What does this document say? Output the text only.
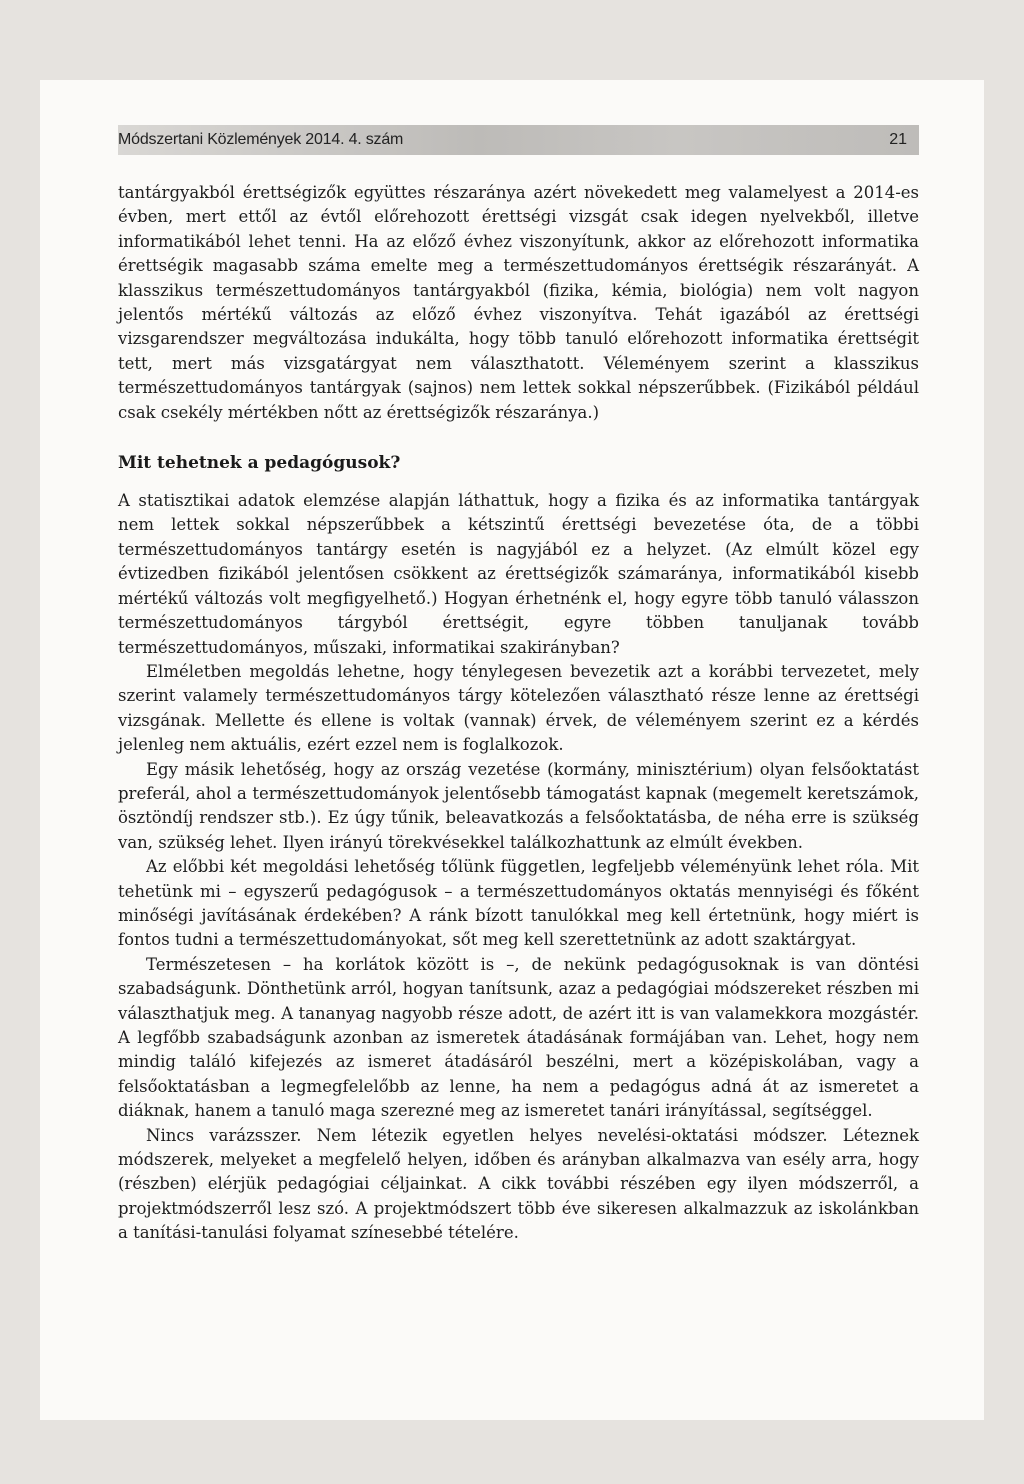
Módszertani Közlemények 2014. 4. szám	21

tantárgyakból érettségizők együttes részaránya azért növekedett meg valamelyest a 2014-es évben, mert ettől az évtől előrehozott érettségi vizsgát csak idegen nyelvekből, illetve informatikából lehet tenni. Ha az előző évhez viszonyítunk, akkor az előrehozott informatika érettségik magasabb száma emelte meg a természettudományos érettségik részarányát. A klasszikus természettudományos tantárgyakból (fizika, kémia, biológia) nem volt nagyon jelentős mértékű változás az előző évhez viszonyítva. Tehát igazából az érettségi vizsgarendszer megváltozása indukálta, hogy több tanuló előrehozott informatika érettségit tett, mert más vizsgatárgyat nem választhatott. Véleményem szerint a klasszikus természettudományos tantárgyak (sajnos) nem lettek sokkal népszerűbbek. (Fizikából például csak csekély mértékben nőtt az érettségizők részaránya.)

Mit tehetnek a pedagógusok?

A statisztikai adatok elemzése alapján láthattuk, hogy a fizika és az informatika tantárgyak nem lettek sokkal népszerűbbek a kétszintű érettségi bevezetése óta, de a többi természettudományos tantárgy esetén is nagyjából ez a helyzet. (Az elmúlt közel egy évtizedben fizikából jelentősen csökkent az érettségizők számaránya, informatikából kisebb mértékű változás volt megfigyelhető.) Hogyan érhetnénk el, hogy egyre több tanuló válasszon természettudományos tárgyból érettségit, egyre többen tanuljanak tovább természettudományos, műszaki, informatikai szakirányban?

Elméletben megoldás lehetne, hogy ténylegesen bevezetik azt a korábbi tervezetet, mely szerint valamely természettudományos tárgy kötelezően választható része lenne az érettségi vizsgának. Mellette és ellene is voltak (vannak) érvek, de véleményem szerint ez a kérdés jelenleg nem aktuális, ezért ezzel nem is foglalkozok.

Egy másik lehetőség, hogy az ország vezetése (kormány, minisztérium) olyan felsőoktatást preferál, ahol a természettudományok jelentősebb támogatást kapnak (megemelt keretszámok, ösztöndíj rendszer stb.). Ez úgy tűnik, beleavatkozás a felsőoktatásba, de néha erre is szükség van, szükség lehet. Ilyen irányú törekvésekkel találkozhattunk az elmúlt években.

Az előbbi két megoldási lehetőség tőlünk független, legfeljebb véleményünk lehet róla. Mit tehetünk mi – egyszerű pedagógusok – a természettudományos oktatás mennyiségi és főként minőségi javításának érdekében? A ránk bízott tanulókkal meg kell értetnünk, hogy miért is fontos tudni a természettudományokat, sőt meg kell szerettetnünk az adott szaktárgyat.

Természetesen – ha korlátok között is –, de nekünk pedagógusoknak is van döntési szabadságunk. Dönthetünk arról, hogyan tanítsunk, azaz a pedagógiai módszereket részben mi választhatjuk meg. A tananyag nagyobb része adott, de azért itt is van valamekkora mozgástér. A legfőbb szabadságunk azonban az ismeretek átadásának formájában van. Lehet, hogy nem mindig találó kifejezés az ismeret átadásáról beszélni, mert a középiskolában, vagy a felsőoktatásban a legmegfelelőbb az lenne, ha nem a pedagógus adná át az ismeretet a diáknak, hanem a tanuló maga szerezné meg az ismeretet tanári irányítással, segítséggel.

Nincs varázsszer. Nem létezik egyetlen helyes nevelési-oktatási módszer. Léteznek módszerek, melyeket a megfelelő helyen, időben és arányban alkalmazva van esély arra, hogy (részben) elérjük pedagógiai céljainkat. A cikk további részében egy ilyen módszerről, a projektmódszerről lesz szó. A projektmódszert több éve sikeresen alkalmazzuk az iskolánkban a tanítási-tanulási folyamat színesebbé tételére.
